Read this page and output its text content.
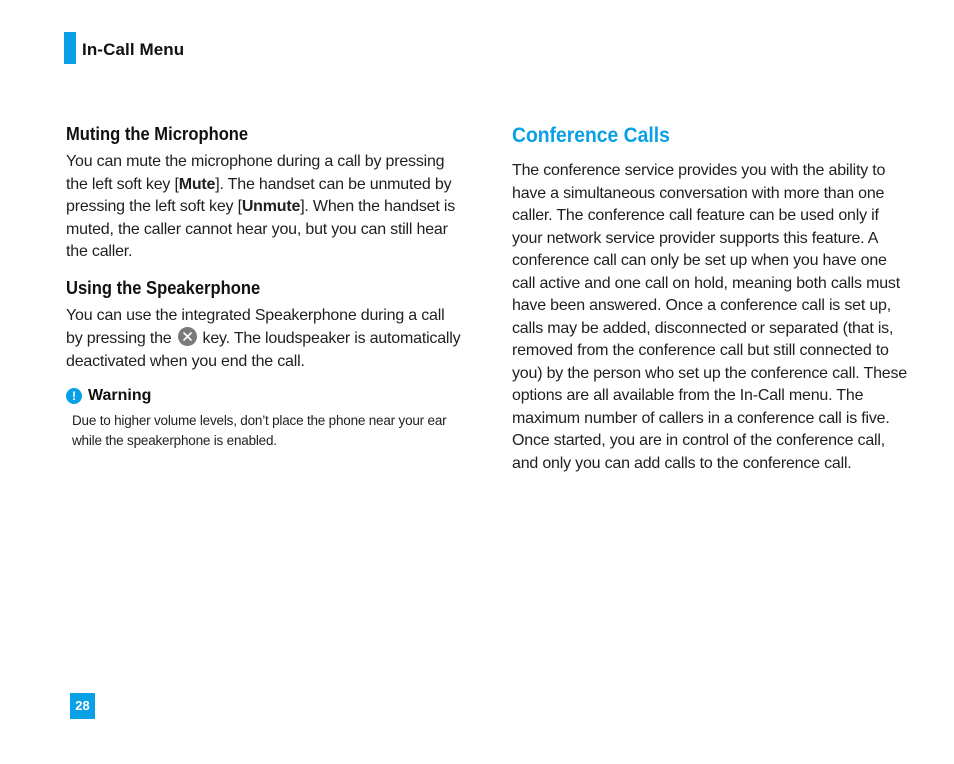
In-Call Menu
Muting the Microphone

You can mute the microphone during a call by pressing the left soft key [Mute]. The handset can be unmuted by pressing the left soft key [Unmute]. When the handset is muted, the caller cannot hear you, but you can still hear the caller.

Using the Speakerphone

You can use the integrated Speakerphone during a call by pressing the key. The loudspeaker is automatically deactivated when you end the call.

! Warning

Due to higher volume levels, don’t place the phone near your ear while the speakerphone is enabled.

Conference Calls

The conference service provides you with the ability to have a simultaneous conversation with more than one caller. The conference call feature can be used only if your network service provider supports this feature. A conference call can only be set up when you have one call active and one call on hold, meaning both calls must have been answered. Once a conference call is set up, calls may be added, disconnected or separated (that is, removed from the conference call but still connected to you) by the person who set up the conference call. These options are all available from the In-Call menu. The maximum number of callers in a conference call is five. Once started, you are in control of the conference call, and only you can add calls to the conference call.

28
